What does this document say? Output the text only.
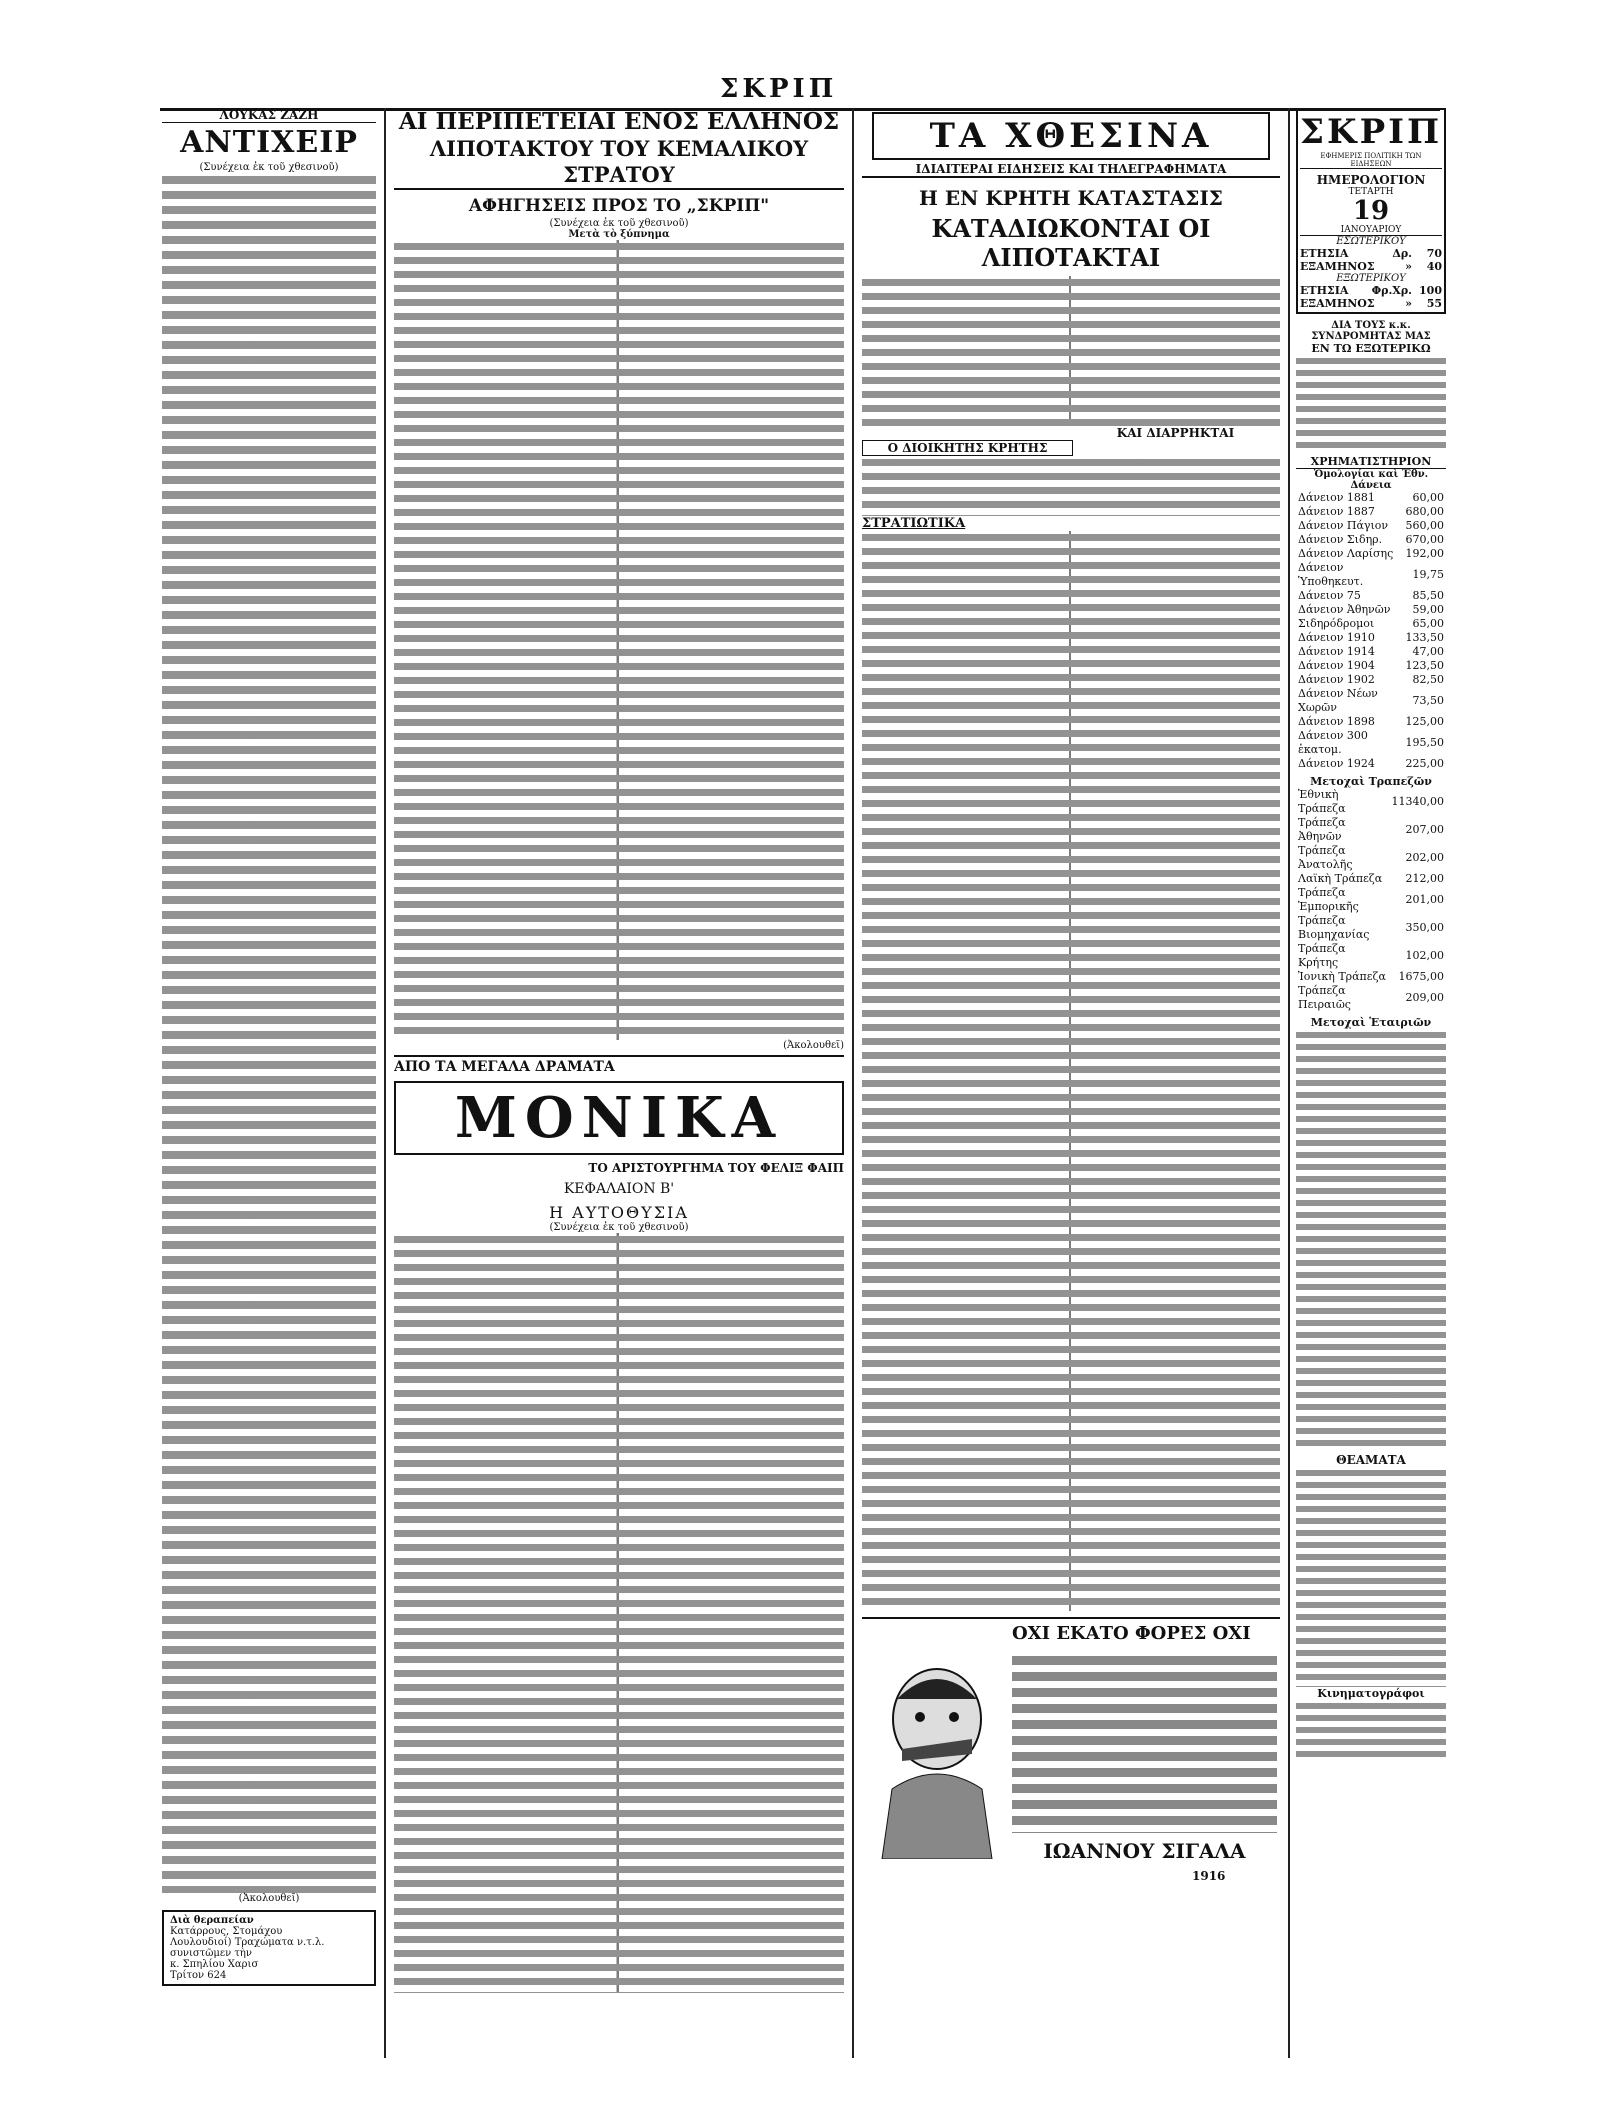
ΣΚΡΙΠ
ΛΟΥΚΑΣ ΖΑΖΗ
ΑΝΤΙΧΕΙΡ
(Συνέχεια ἐκ τοῦ χθεσινοῦ)
(Ἀκολουθεῖ)
Διὰ θεραπείαν
Κατάρρους, Στομάχου
Λουλουδιοί) Τραχώματα ν.τ.λ.
συνιστῶμεν τὴν
κ. Σπηλίου Χαρισ
Τρίτον 624
ΑΙ ΠΕΡΙΠΕΤΕΙΑΙ ΕΝΟΣ ΕΛΛΗΝΟΣ
ΛΙΠΟΤΑΚΤΟΥ ΤΟΥ ΚΕΜΑΛΙΚΟΥ ΣΤΡΑΤΟΥ
ΑΦΗΓΗΣΕΙΣ ΠΡΟΣ ΤΟ „ΣΚΡΙΠ"
(Συνέχεια ἐκ τοῦ χθεσινοῦ)
Μετὰ τὸ ξύπνημα
(Ἀκολουθεῖ)
ΑΠΟ ΤΑ ΜΕΓΑΛΑ ΔΡΑΜΑΤΑ
ΜΟΝΙΚΑ
ΤΟ ΑΡΙΣΤΟΥΡΓΗΜΑ ΤΟΥ ΦΕΛΙΞ ΦΑΙΠ
ΚΕΦΑΛΑΙΟΝ Β'
Η ΑΥΤΟΘΥΣΙΑ
(Συνέχεια ἐκ τοῦ χθεσινοῦ)
ΤΑ ΧΘΕΣΙΝΑ
ΙΔΙΑΙΤΕΡΑΙ ΕΙΔΗΣΕΙΣ ΚΑΙ ΤΗΛΕΓΡΑΦΗΜΑΤΑ
Η ΕΝ ΚΡΗΤΗ ΚΑΤΑΣΤΑΣΙΣ
ΚΑΤΑΔΙΩΚΟΝΤΑΙ ΟΙ ΛΙΠΟΤΑΚΤΑΙ
ΚΑΙ ΔΙΑΡΡΗΚΤΑΙ
Ο ΔΙΟΙΚΗΤΗΣ ΚΡΗΤΗΣ
ΣΤΡΑΤΙΩΤΙΚΑ
ΟΧΙ ΕΚΑΤΟ ΦΟΡΕΣ ΟΧΙ
ΙΩΑΝΝΟΥ ΣΙΓΑΛΑ
1916
ΣΚΡΙΠ
ΕΦΗΜΕΡΙΣ ΠΟΛΙΤΙΚΗ ΤΩΝ ΕΙΔΗΣΕΩΝ
ΗΜΕΡΟΛΟΓΙΟΝ
ΤΕΤΑΡΤΗ
19
ΙΑΝΟΥΑΡΙΟΥ
ΕΣΩΤΕΡΙΚΟΥ
ΕΤΗΣΙΑ	Δρ.	70
ΕΞΑΜΗΝΟΣ	»	40
ΕΞΩΤΕΡΙΚΟΥ
ΕΤΗΣΙΑ	Φρ.Χρ. 100
ΕΞΑΜΗΝΟΣ	»	55
ΔΙΑ ΤΟΥΣ κ.κ. ΣΥΝΔΡΟΜΗΤΑΣ ΜΑΣ
ΕΝ ΤΩ ΕΞΩΤΕΡΙΚΩ
ΧΡΗΜΑΤΙΣΤΗΡΙΟΝ
Ὁμολογίαι καὶ Ἐθν. Δάνεια
Δάνειον 1881	60,00
Δάνειον 1887	680,00
Δάνειον Πάγιον	560,00
Δάνειον Σιδηρ.	670,00
Δάνειον Λαρίσης	192,00
Δάνειον Ὑποθηκευτ.	19,75
Δάνειον 75	85,50
Δάνειον Ἀθηνῶν	59,00
Σιδηρόδρομοι	65,00
Δάνειον 1910	133,50
Δάνειον 1914	47,00
Δάνειον 1904	123,50
Δάνειον 1902	82,50
Δάνειον Νέων Χωρῶν	73,50
Δάνειον 1898	125,00
Δάνειον 300 ἑκατομ.	195,50
Δάνειον 1924	225,00
Μετοχαὶ Τραπεζῶν
Ἐθνικὴ Τράπεζα	11340,00
Τράπεζα Ἀθηνῶν	207,00
Τράπεζα Ἀνατολῆς	202,00
Λαϊκὴ Τράπεζα	212,00
Τράπεζα Ἐμπορικῆς	201,00
Τράπεζα Βιομηχανίας	350,00
Τράπεζα Κρήτης	102,00
Ἰονικὴ Τράπεζα	1675,00
Τράπεζα Πειραιῶς	209,00
Μετοχαὶ Ἑταιριῶν
ΘΕΑΜΑΤΑ
Κινηματογράφοι
